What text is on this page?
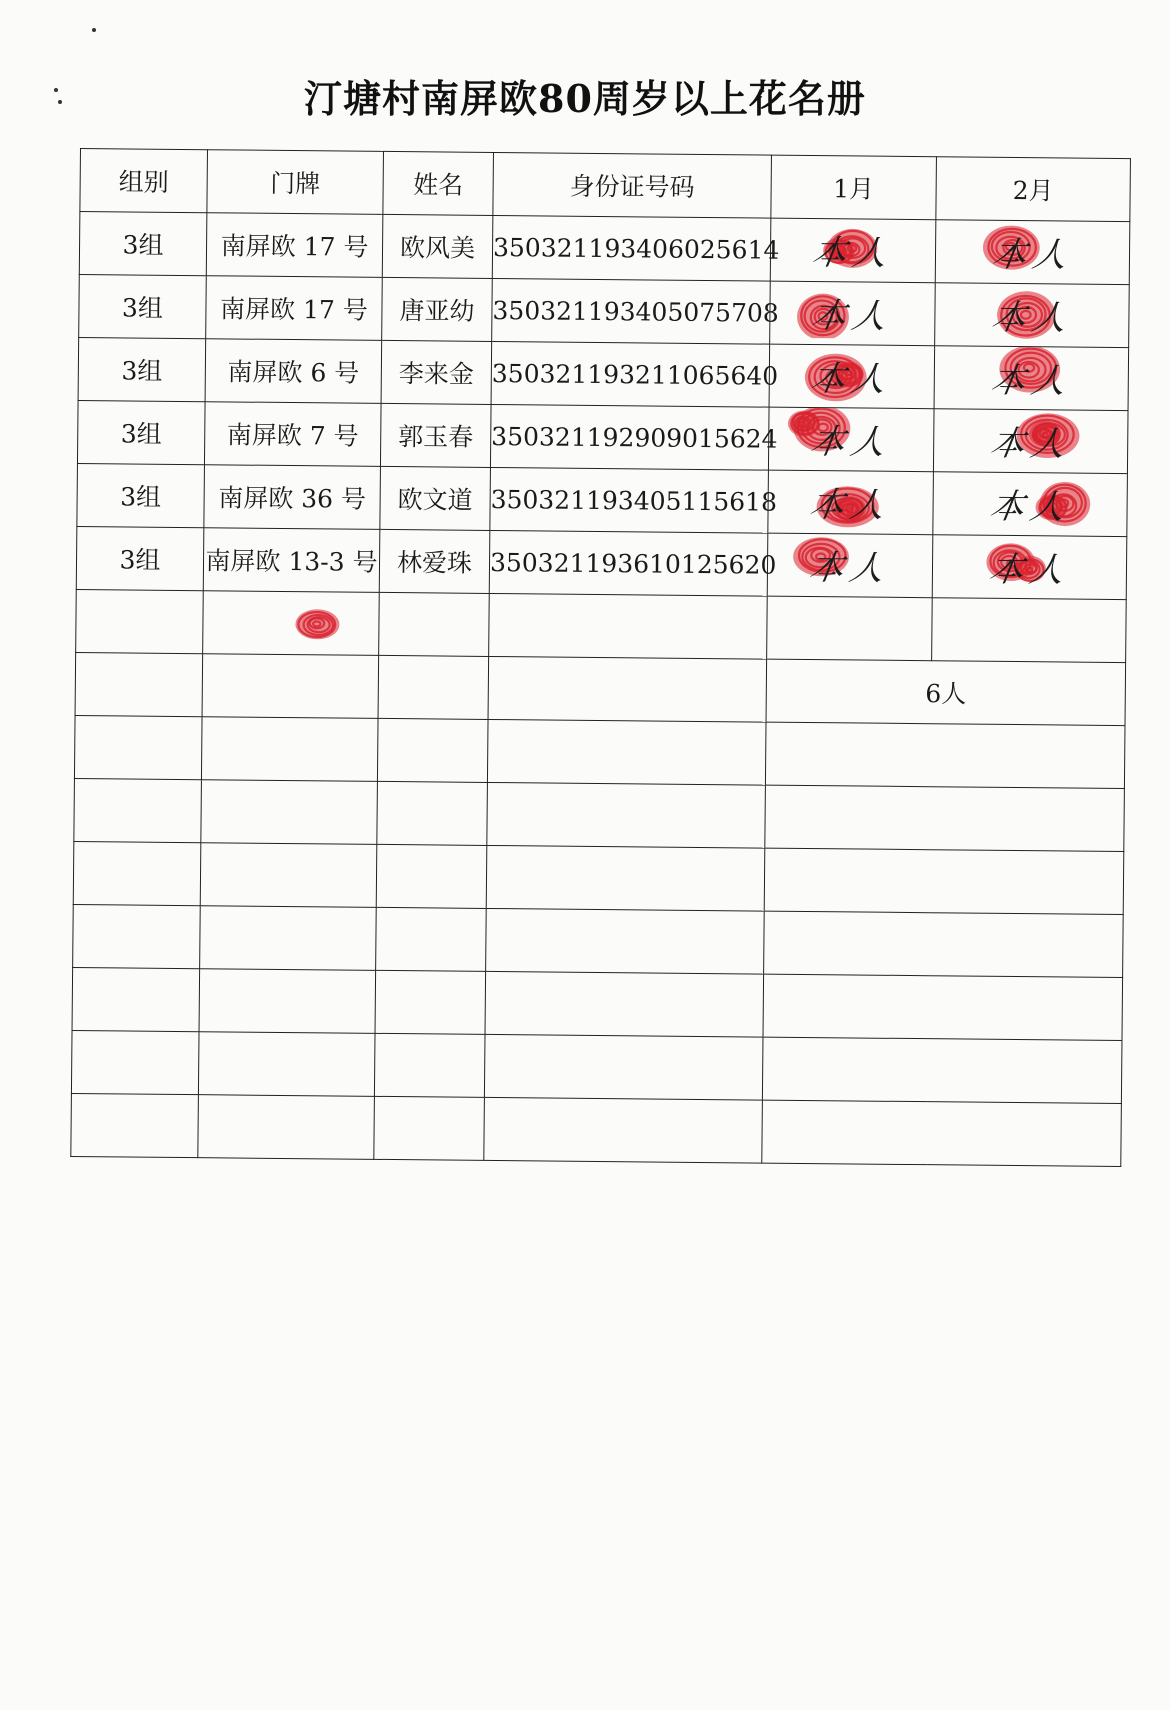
汀塘村南屏欧80周岁以上花名册
组别	门牌	姓名	身份证号码	1月	2月
3组	南屏欧 17 号	欧风美	350321193406025614	本人	本人

3组	南屏欧 17 号	唐亚幼	350321193405075708	本人	本人

3组	南屏欧 6 号	李来金	350321193211065640	本人	本人

3组	南屏欧 7 号	郭玉春	350321192909015624	本人	本人

3组	南屏欧 36 号	欧文道	350321193405115618	本人	本人

3组	南屏欧 13-3 号	林爱珠	350321193610125620	本人	本人

				6人	
